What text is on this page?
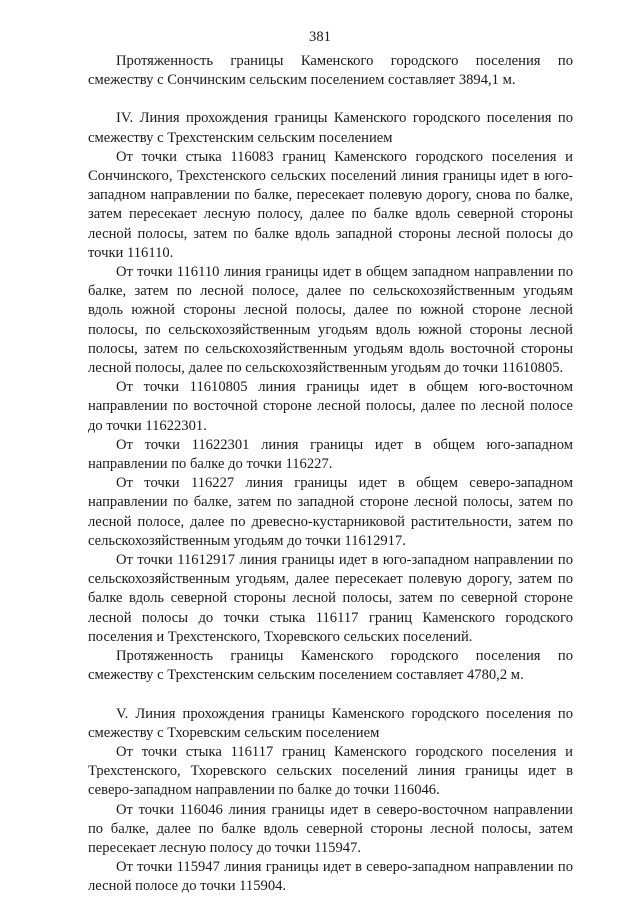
381

Протяженность границы Каменского городского поселения по смежеству с Сончинским сельским поселением составляет 3894,1 м.

IV. Линия прохождения границы Каменского городского поселения по смежеству с Трехстенским сельским поселением

От точки стыка 116083 границ Каменского городского поселения и Сончинского, Трехстенского сельских поселений линия границы идет в юго-западном направлении по балке, пересекает полевую дорогу, снова по балке, затем пересекает лесную полосу, далее по балке вдоль северной стороны лесной полосы, затем по балке вдоль западной стороны лесной полосы до точки 116110.

От точки 116110 линия границы идет в общем западном направлении по балке, затем по лесной полосе, далее по сельскохозяйственным угодьям вдоль южной стороны лесной полосы, далее по южной стороне лесной полосы, по сельскохозяйственным угодьям вдоль южной стороны лесной полосы, затем по сельскохозяйственным угодьям вдоль восточной стороны лесной полосы, далее по сельскохозяйственным угодьям до точки 11610805.

От точки 11610805 линия границы идет в общем юго-восточном направлении по восточной стороне лесной полосы, далее по лесной полосе до точки 11622301.

От точки 11622301 линия границы идет в общем юго-западном направлении по балке до точки 116227.

От точки 116227 линия границы идет в общем северо-западном направлении по балке, затем по западной стороне лесной полосы, затем по лесной полосе, далее по древесно-кустарниковой растительности, затем по сельскохозяйственным угодьям до точки 11612917.

От точки 11612917 линия границы идет в юго-западном направлении по сельскохозяйственным угодьям, далее пересекает полевую дорогу, затем по балке вдоль северной стороны лесной полосы, затем по северной стороне лесной полосы до точки стыка 116117 границ Каменского городского поселения и Трехстенского, Тхоревского сельских поселений.

Протяженность границы Каменского городского поселения по смежеству с Трехстенским сельским поселением составляет 4780,2 м.

V. Линия прохождения границы Каменского городского поселения по смежеству с Тхоревским сельским поселением

От точки стыка 116117 границ Каменского городского поселения и Трехстенского, Тхоревского сельских поселений линия границы идет в северо-западном направлении по балке до точки 116046.

От точки 116046 линия границы идет в северо-восточном направлении по балке, далее по балке вдоль северной стороны лесной полосы, затем пересекает лесную полосу до точки 115947.

От точки 115947 линия границы идет в северо-западном направлении по лесной полосе до точки 115904.
